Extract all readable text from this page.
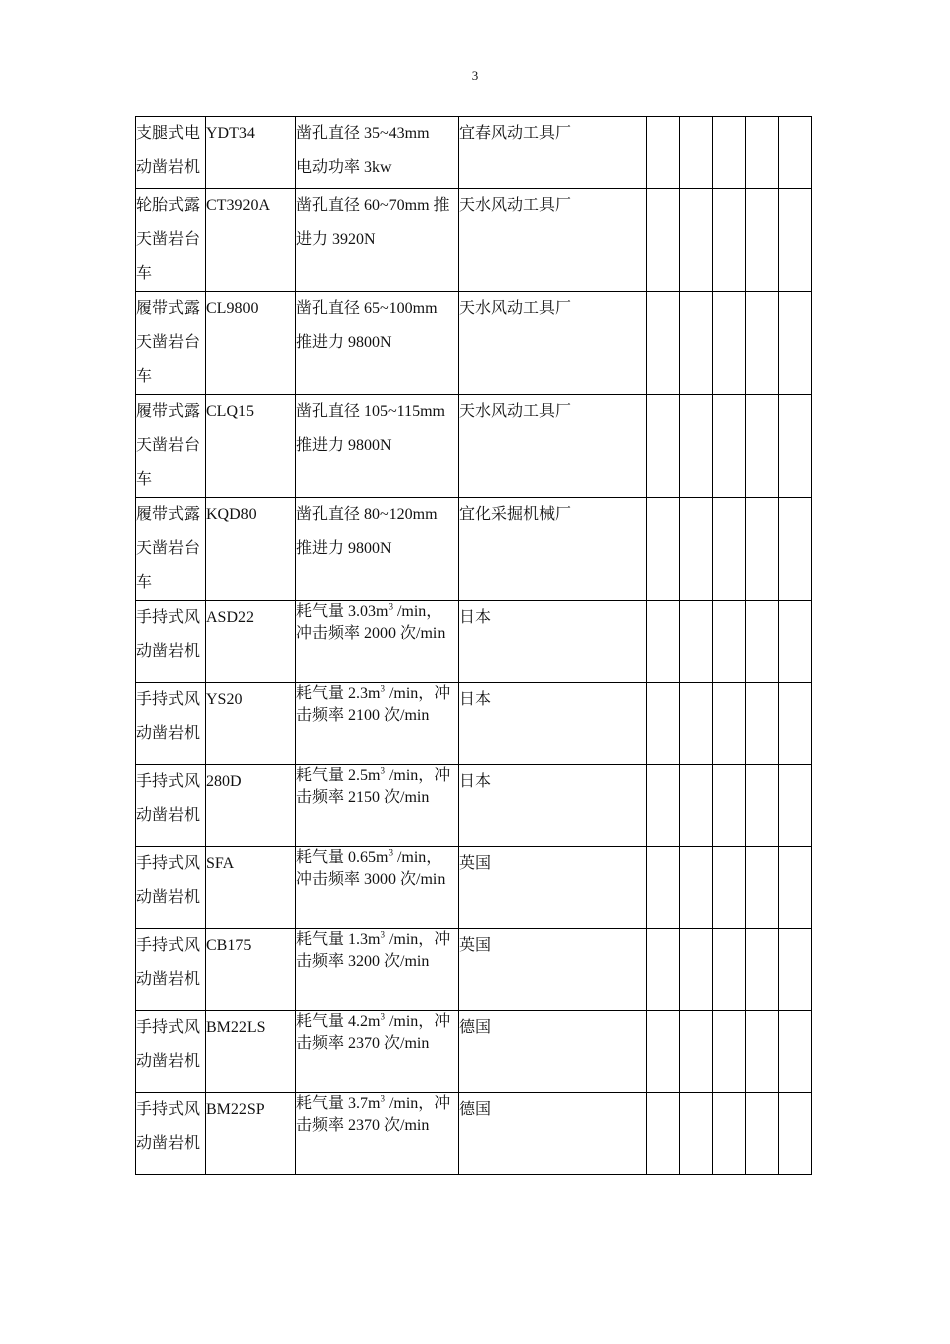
3
支腿式电动凿岩机	YDT34	凿孔直径 35~43mm
电动功率 3kw	宜春风动工具厂					

轮胎式露天凿岩台车	CT3920A	凿孔直径 60~70mm 推
进力 3920N	天水风动工具厂					

履带式露天凿岩台车	CL9800	凿孔直径 65~100mm
推进力 9800N	天水风动工具厂					

履带式露天凿岩台车	CLQ15	凿孔直径 105~115mm
推进力 9800N	天水风动工具厂					

履带式露天凿岩台车	KQD80	凿孔直径 80~120mm
推进力 9800N	宜化采掘机械厂					

手持式风动凿岩机	ASD22	耗气量 $3.03m^3$ /min，
冲击频率 2000 次/min	日本					

手持式风动凿岩机	YS20	耗气量 $2.3m^3$ /min，冲
击频率 2100 次/min	日本					

手持式风动凿岩机	280D	耗气量 $2.5m^3$ /min，冲
击频率 2150 次/min	日本					

手持式风动凿岩机	SFA	耗气量 $0.65m^3$ /min，
冲击频率 3000 次/min	英国					

手持式风动凿岩机	CB175	耗气量 $1.3m^3$ /min，冲
击频率 3200 次/min	英国					

手持式风动凿岩机	BM22LS	耗气量 $4.2m^3$ /min，冲
击频率 2370 次/min	德国					

手持式风动凿岩机	BM22SP	耗气量 $3.7m^3$ /min，冲
击频率 2370 次/min	德国					
